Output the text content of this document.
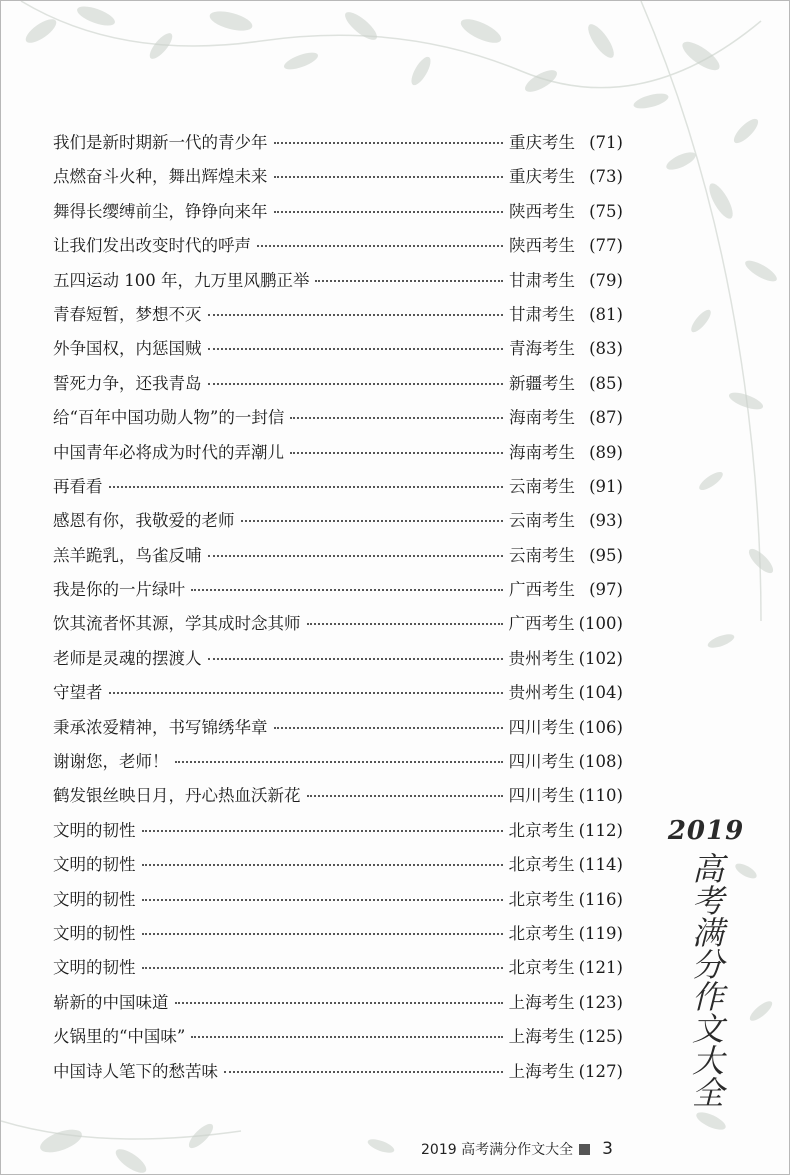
我们是新时期新一代的青少年	重庆考生 (71)
点燃奋斗火种，舞出辉煌未来	重庆考生 (73)
舞得长缨缚前尘，铮铮向来年	陕西考生 (75)
让我们发出改变时代的呼声	陕西考生 (77)
五四运动 100 年，九万里风鹏正举	甘肃考生 (79)
青春短暂，梦想不灭	甘肃考生 (81)
外争国权，内惩国贼	青海考生 (83)
誓死力争，还我青岛	新疆考生 (85)
给“百年中国功勋人物”的一封信	海南考生 (87)
中国青年必将成为时代的弄潮儿	海南考生 (89)
再看看	云南考生 (91)
感恩有你，我敬爱的老师	云南考生 (93)
羔羊跪乳，鸟雀反哺	云南考生 (95)
我是你的一片绿叶	广西考生 (97)
饮其流者怀其源，学其成时念其师	广西考生 (100)
老师是灵魂的摆渡人	贵州考生 (102)
守望者	贵州考生 (104)
秉承浓爱精神，书写锦绣华章	四川考生 (106)
谢谢您，老师！	四川考生 (108)
鹤发银丝映日月，丹心热血沃新花	四川考生 (110)
文明的韧性	北京考生 (112)
文明的韧性	北京考生 (114)
文明的韧性	北京考生 (116)
文明的韧性	北京考生 (119)
文明的韧性	北京考生 (121)
崭新的中国味道	上海考生 (123)
火锅里的“中国味”	上海考生 (125)
中国诗人笔下的愁苦味	上海考生 (127)
2019
高考满分作文大全
2019 高考满分作文大全 3
